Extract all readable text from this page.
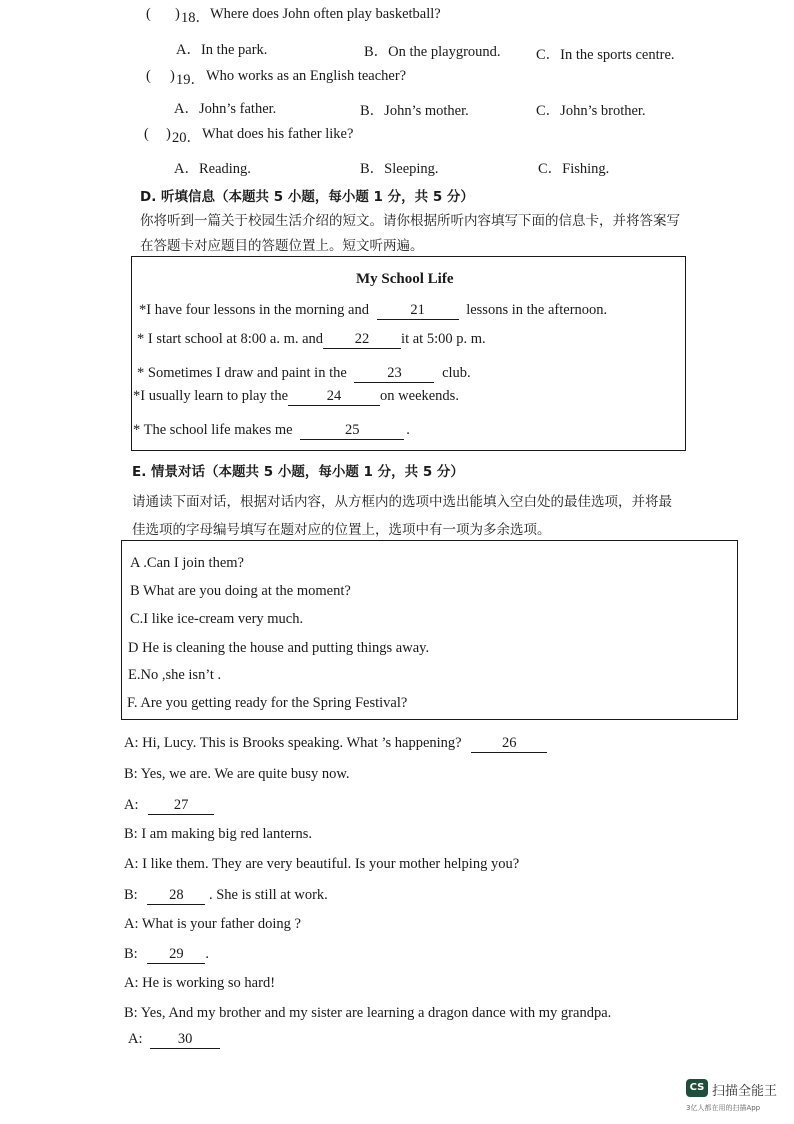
( ) 18． Where does John often play basketball?
A．In the park.	B．On the playground. C．In the sports centre.
( ) 19． Who works as an English teacher?
A．John’s father.	B．John’s mother.	C．John’s brother.
( ) 20． What does his father like?
A．Reading.	B．Sleeping.	C．Fishing.
D. 听填信息（本题共 5 小题，每小题 1 分，共 5 分）
你将听到一篇关于校园生活介绍的短文。请你根据所听内容填写下面的信息卡，并将答案写
在答题卡对应题目的答题位置上。短文听两遍。
My School Life
*I have four lessons in the morning and	21	lessons in the afternoon.
* I start school at 8:00 a. m. and 22 it at 5:00 p. m.
* Sometimes I draw and paint in the	23	club.
*I usually learn to play the	24	on weekends.
* The school life makes me	25	.
E. 情景对话（本题共 5 小题，每小题 1 分，共 5 分）
请通读下面对话，根据对话内容，从方框内的选项中选出能填入空白处的最佳选项，并将最
佳选项的字母编号填写在题对应的位置上，选项中有一项为多余选项。
A .Can I join them?
B What are you doing at the moment?
C.I like ice-cream very much.
D He is cleaning the house and putting things away.
E.​No ,she isn’t .
F. Are you getting ready for the Spring Festival?
A: Hi, Lucy. This is Brooks speaking. What ’s happening?	26
B: Yes, we are. We are quite busy now.
A: 27
B: I am making big red lanterns.
A: I like them. They are very beautiful. Is your mother helping you?
B: 28 . She is still at work.
A: What is your father doing ?
B: 29 .
A: He is working so hard!
B: Yes, And my brother and my sister are learning a dragon dance with my grandpa.
A: 30
CS 扫描全能王
3亿人都在用的扫描App
